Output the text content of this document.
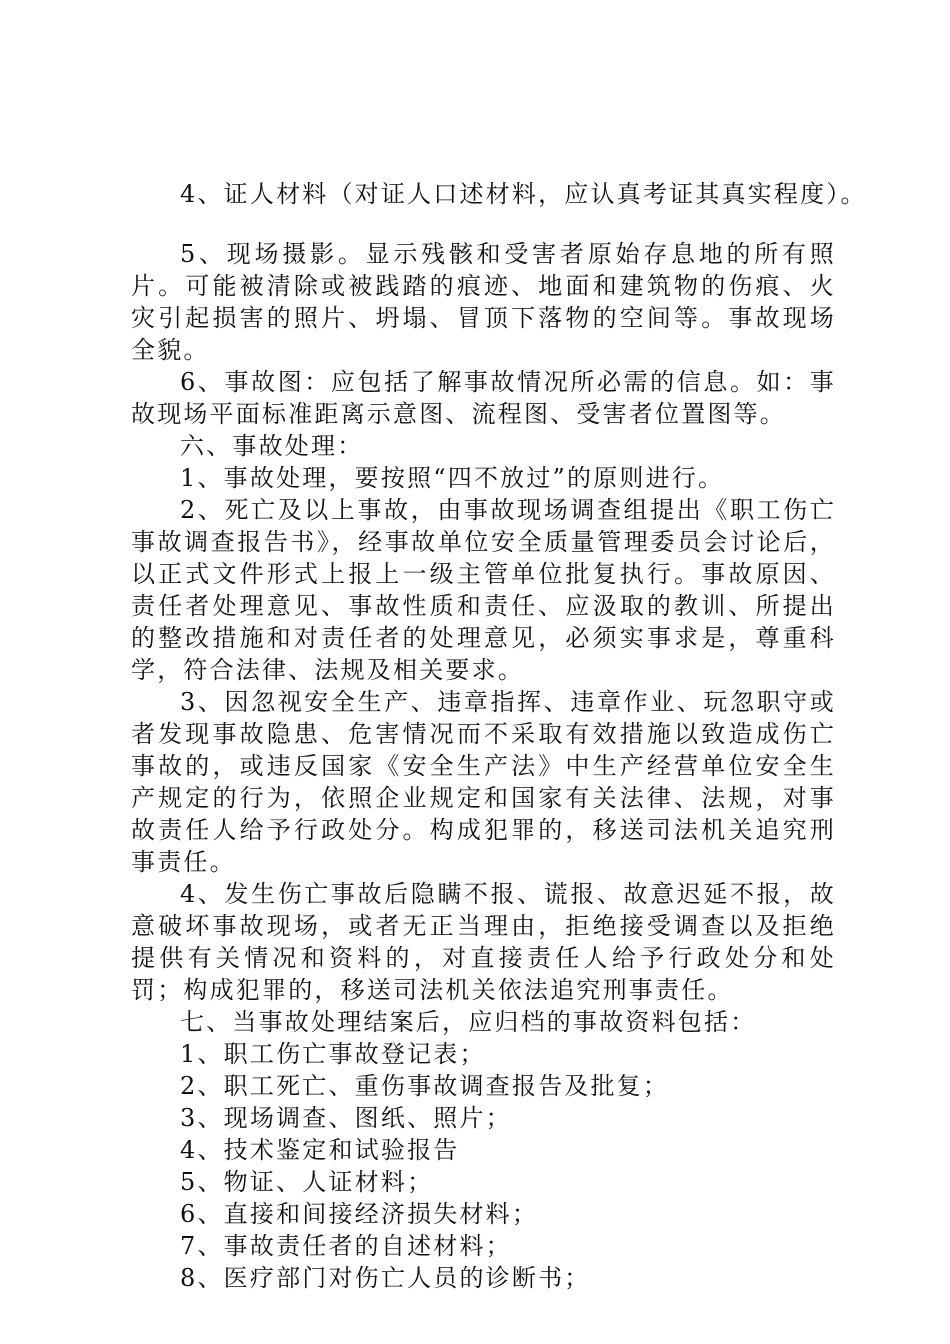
4、证人材料（对证人口述材料，应认真考证其真实程度）。

5、现场摄影。显示残骸和受害者原始存息地的所有照片。可能被清除或被践踏的痕迹、地面和建筑物的伤痕、火灾引起损害的照片、坍塌、冒顶下落物的空间等。事故现场全貌。

6、事故图：应包括了解事故情况所必需的信息。如：事故现场平面标准距离示意图、流程图、受害者位置图等。

六、事故处理：

1、事故处理，要按照“四不放过”的原则进行。

2、死亡及以上事故，由事故现场调查组提出《职工伤亡事故调查报告书》，经事故单位安全质量管理委员会讨论后，以正式文件形式上报上一级主管单位批复执行。事故原因、责任者处理意见、事故性质和责任、应汲取的教训、所提出的整改措施和对责任者的处理意见，必须实事求是，尊重科学，符合法律、法规及相关要求。

3、因忽视安全生产、违章指挥、违章作业、玩忽职守或者发现事故隐患、危害情况而不采取有效措施以致造成伤亡事故的，或违反国家《安全生产法》中生产经营单位安全生产规定的行为，依照企业规定和国家有关法律、法规，对事故责任人给予行政处分。构成犯罪的，移送司法机关追究刑事责任。

4、发生伤亡事故后隐瞒不报、谎报、故意迟延不报，故意破坏事故现场，或者无正当理由，拒绝接受调查以及拒绝提供有关情况和资料的，对直接责任人给予行政处分和处罚；构成犯罪的，移送司法机关依法追究刑事责任。

七、当事故处理结案后，应归档的事故资料包括：

1、职工伤亡事故登记表；

2、职工死亡、重伤事故调查报告及批复；

3、现场调查、图纸、照片；

4、技术鉴定和试验报告

5、物证、人证材料；

6、直接和间接经济损失材料；

7、事故责任者的自述材料；

8、医疗部门对伤亡人员的诊断书；
